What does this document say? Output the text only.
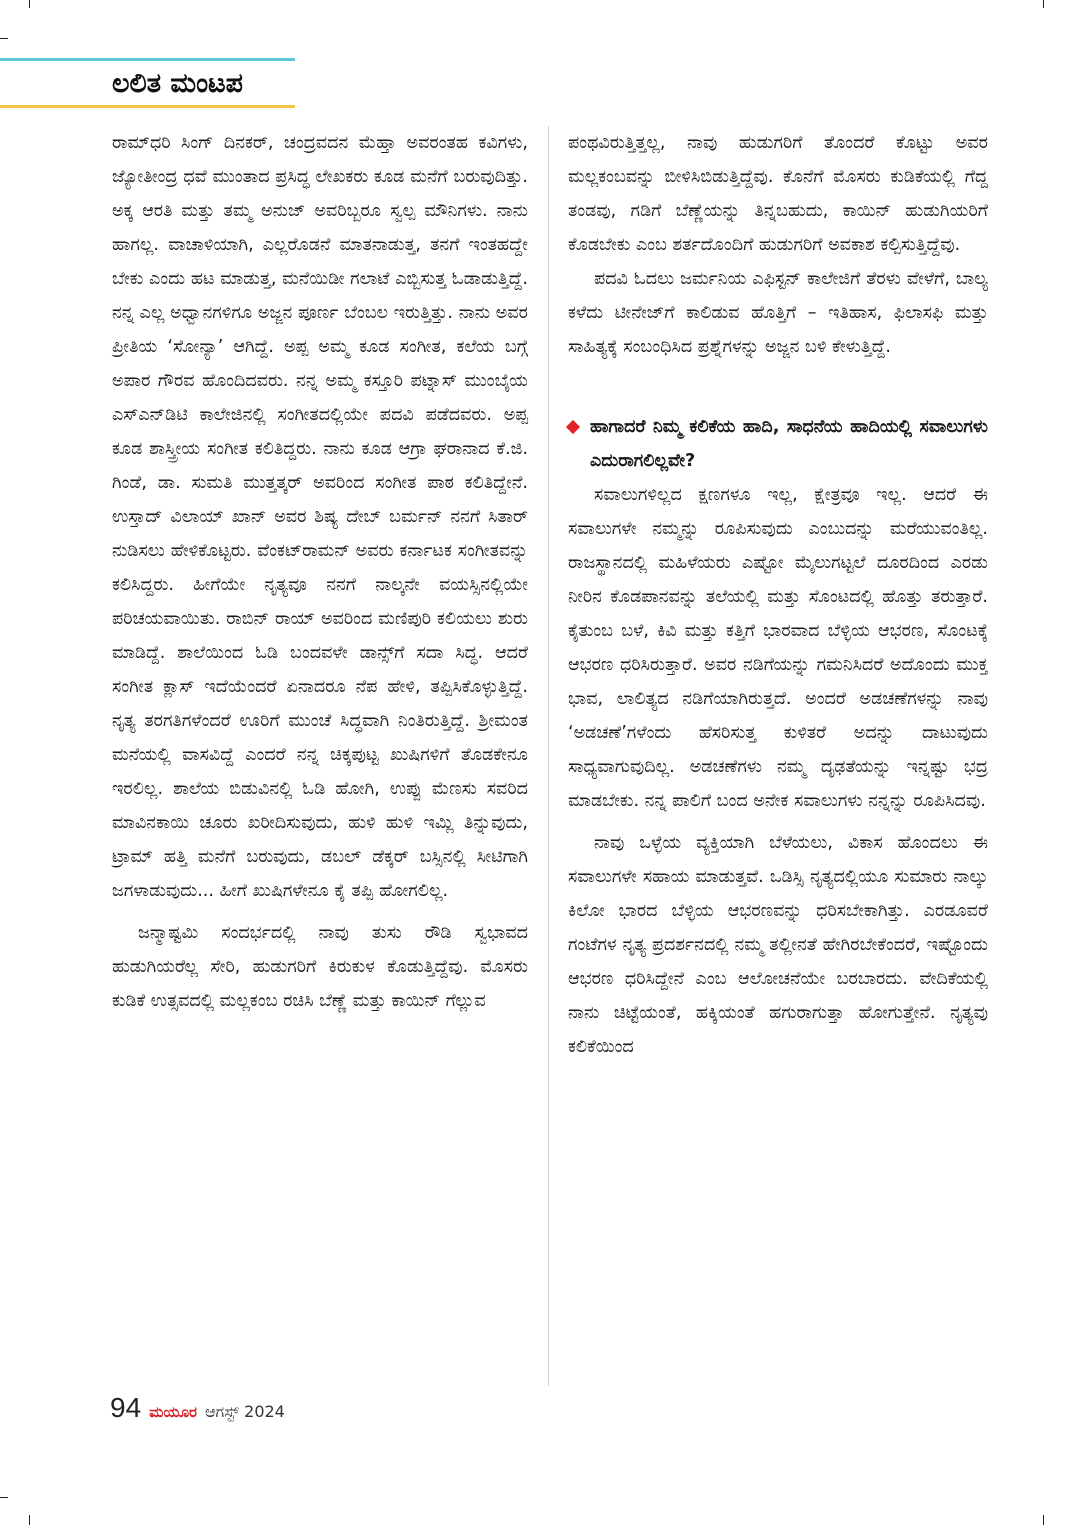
ಲಲಿತ ಮಂಟಪ

ರಾಮ್‌ಧರಿ ಸಿಂಗ್ ದಿನಕರ್, ಚಂದ್ರವದನ ಮೆಹ್ತಾ ಅವರಂತಹ ಕವಿಗಳು, ಜ್ಯೋತೀಂದ್ರ ಧವೆ ಮುಂತಾದ ಪ್ರಸಿದ್ಧ ಲೇಖಕರು ಕೂಡ ಮನೆಗೆ ಬರುವುದಿತ್ತು. ಅಕ್ಕ ಆರತಿ ಮತ್ತು ತಮ್ಮ ಅನುಜ್ ಅವರಿಬ್ಬರೂ ಸ್ವಲ್ಪ ಮೌನಿಗಳು. ನಾನು ಹಾಗಲ್ಲ. ವಾಚಾಳಿಯಾಗಿ, ಎಲ್ಲರೊಡನೆ ಮಾತನಾಡುತ್ತ, ತನಗೆ ಇಂತಹದ್ದೇ ಬೇಕು ಎಂದು ಹಟ ಮಾಡುತ್ತ, ಮನೆಯಿಡೀ ಗಲಾಟೆ ಎಬ್ಬಿಸುತ್ತ ಓಡಾಡುತ್ತಿದ್ದೆ. ನನ್ನ ಎಲ್ಲ ಅಧ್ವಾನಗಳಿಗೂ ಅಜ್ಜನ ಪೂರ್ಣ ಬೆಂಬಲ ಇರುತ್ತಿತ್ತು. ನಾನು ಅವರ ಪ್ರೀತಿಯ ‘ಸೋನ್ಯಾ’ ಆಗಿದ್ದೆ. ಅಪ್ಪ ಅಮ್ಮ ಕೂಡ ಸಂಗೀತ, ಕಲೆಯ ಬಗ್ಗೆ ಅಪಾರ ಗೌರವ ಹೊಂದಿದವರು. ನನ್ನ ಅಮ್ಮ ಕಸ್ತೂರಿ ಪಟ್ನಾಸ್ ಮುಂಬೈಯ ಎಸ್‌ಎನ್‌ಡಿಟಿ ಕಾಲೇಜಿನಲ್ಲಿ ಸಂಗೀತದಲ್ಲಿಯೇ ಪದವಿ ಪಡೆದವರು. ಅಪ್ಪ ಕೂಡ ಶಾಸ್ತ್ರೀಯ ಸಂಗೀತ ಕಲಿತಿದ್ದರು. ನಾನು ಕೂಡ ಆಗ್ರಾ ಘರಾನಾದ ಕೆ.ಜಿ. ಗಿಂಡೆ, ಡಾ. ಸುಮತಿ ಮುತ್ತತ್ಕರ್ ಅವರಿಂದ ಸಂಗೀತ ಪಾಠ ಕಲಿತಿದ್ದೇನೆ. ಉಸ್ತಾದ್ ವಿಲಾಯ್ ಖಾನ್ ಅವರ ಶಿಷ್ಯ ದೇಬ್ ಬರ್ಮನ್ ನನಗೆ ಸಿತಾರ್ ನುಡಿಸಲು ಹೇಳಿಕೊಟ್ಟರು. ವೆಂಕಟ್‌ರಾಮನ್ ಅವರು ಕರ್ನಾಟಕ ಸಂಗೀತವನ್ನು ಕಲಿಸಿದ್ದರು. ಹೀಗೆಯೇ ನೃತ್ಯವೂ ನನಗೆ ನಾಲ್ಕನೇ ವಯಸ್ಸಿನಲ್ಲಿಯೇ ಪರಿಚಯವಾಯಿತು. ರಾಬಿನ್ ರಾಯ್ ಅವರಿಂದ ಮಣಿಪುರಿ ಕಲಿಯಲು ಶುರು ಮಾಡಿದ್ದೆ. ಶಾಲೆಯಿಂದ ಓಡಿ ಬಂದವಳೇ ಡಾನ್ಸ್‌ಗೆ ಸದಾ ಸಿದ್ಧ. ಆದರೆ ಸಂಗೀತ ಕ್ಲಾಸ್ ಇದೆಯೆಂದರೆ ಏನಾದರೂ ನೆಪ ಹೇಳಿ, ತಪ್ಪಿಸಿಕೊಳ್ಳುತ್ತಿದ್ದೆ. ನೃತ್ಯ ತರಗತಿಗಳೆಂದರೆ ಊರಿಗೆ ಮುಂಚೆ ಸಿದ್ಧವಾಗಿ ನಿಂತಿರುತ್ತಿದ್ದೆ. ಶ್ರೀಮಂತ ಮನೆಯಲ್ಲಿ ವಾಸವಿದ್ದೆ ಎಂದರೆ ನನ್ನ ಚಿಕ್ಕಪುಟ್ಟ ಖುಷಿಗಳಿಗೆ ತೊಡಕೇನೂ ಇರಲಿಲ್ಲ. ಶಾಲೆಯ ಬಿಡುವಿನಲ್ಲಿ ಓಡಿ ಹೋಗಿ, ಉಪ್ಪು ಮೆಣಸು ಸವರಿದ ಮಾವಿನಕಾಯಿ ಚೂರು ಖರೀದಿಸುವುದು, ಹುಳಿ ಹುಳಿ ಇಮ್ಲಿ ತಿನ್ನುವುದು, ಟ್ರಾಮ್ ಹತ್ತಿ ಮನೆಗೆ ಬರುವುದು, ಡಬಲ್ ಡೆಕ್ಕರ್ ಬಸ್ಸಿನಲ್ಲಿ ಸೀಟಿಗಾಗಿ ಜಗಳಾಡುವುದು... ಹೀಗೆ ಖುಷಿಗಳೇನೂ ಕೈ ತಪ್ಪಿ ಹೋಗಲಿಲ್ಲ.

ಜನ್ಮಾಷ್ಟಮಿ ಸಂದರ್ಭದಲ್ಲಿ ನಾವು ತುಸು ರೌಡಿ ಸ್ವಭಾವದ ಹುಡುಗಿಯರೆಲ್ಲ ಸೇರಿ, ಹುಡುಗರಿಗೆ ಕಿರುಕುಳ ಕೊಡುತ್ತಿದ್ದೆವು. ಮೊಸರು ಕುಡಿಕೆ ಉತ್ಸವದಲ್ಲಿ ಮಲ್ಲಕಂಬ ರಚಿಸಿ ಬೆಣ್ಣೆ ಮತ್ತು ಕಾಯಿನ್ ಗೆಲ್ಲುವ

ಪಂಥವಿರುತ್ತಿತ್ತಲ್ಲ, ನಾವು ಹುಡುಗರಿಗೆ ತೊಂದರೆ ಕೊಟ್ಟು ಅವರ ಮಲ್ಲಕಂಬವನ್ನು ಬೀಳಿಸಿಬಿಡುತ್ತಿದ್ದೆವು. ಕೊನೆಗೆ ಮೊಸರು ಕುಡಿಕೆಯಲ್ಲಿ ಗೆದ್ದ ತಂಡವು, ಗಡಿಗೆ ಬೆಣ್ಣೆಯನ್ನು ತಿನ್ನಬಹುದು, ಕಾಯಿನ್ ಹುಡುಗಿಯರಿಗೆ ಕೊಡಬೇಕು ಎಂಬ ಶರ್ತದೊಂದಿಗೆ ಹುಡುಗರಿಗೆ ಅವಕಾಶ ಕಲ್ಪಿಸುತ್ತಿದ್ದೆವು.

ಪದವಿ ಓದಲು ಜರ್ಮನಿಯ ಎಫಿಸ್ಟನ್ ಕಾಲೇಜಿಗೆ ತೆರಳು ವೇಳೆಗೆ, ಬಾಲ್ಯ ಕಳೆದು ಟೀನೇಜ್‌ಗೆ ಕಾಲಿಡುವ ಹೊತ್ತಿಗೆ – ಇತಿಹಾಸ, ಫಿಲಾಸಫಿ ಮತ್ತು ಸಾಹಿತ್ಯಕ್ಕೆ ಸಂಬಂಧಿಸಿದ ಪ್ರಶ್ನೆಗಳನ್ನು ಅಜ್ಜನ ಬಳಿ ಕೇಳುತ್ತಿದ್ದೆ.

ಹಾಗಾದರೆ ನಿಮ್ಮ ಕಲಿಕೆಯ ಹಾದಿ, ಸಾಧನೆಯ ಹಾದಿಯಲ್ಲಿ ಸವಾಲುಗಳು ಎದುರಾಗಲಿಲ್ಲವೇ?

ಸವಾಲುಗಳಿಲ್ಲದ ಕ್ಷಣಗಳೂ ಇಲ್ಲ, ಕ್ಷೇತ್ರವೂ ಇಲ್ಲ. ಆದರೆ ಈ ಸವಾಲುಗಳೇ ನಮ್ಮನ್ನು ರೂಪಿಸುವುದು ಎಂಬುದನ್ನು ಮರೆಯುವಂತಿಲ್ಲ. ರಾಜಸ್ಥಾನದಲ್ಲಿ ಮಹಿಳೆಯರು ಎಷ್ಟೋ ಮೈಲುಗಟ್ಟಲೆ ದೂರದಿಂದ ಎರಡು ನೀರಿನ ಕೊಡಪಾನವನ್ನು ತಲೆಯಲ್ಲಿ ಮತ್ತು ಸೊಂಟದಲ್ಲಿ ಹೊತ್ತು ತರುತ್ತಾರೆ. ಕೈತುಂಬ ಬಳೆ, ಕಿವಿ ಮತ್ತು ಕತ್ತಿಗೆ ಭಾರವಾದ ಬೆಳ್ಳಿಯ ಆಭರಣ, ಸೊಂಟಕ್ಕೆ ಆಭರಣ ಧರಿಸಿರುತ್ತಾರೆ. ಅವರ ನಡಿಗೆಯನ್ನು ಗಮನಿಸಿದರೆ ಅದೊಂದು ಮುಕ್ತ ಭಾವ, ಲಾಲಿತ್ಯದ ನಡಿಗೆಯಾಗಿರುತ್ತದೆ. ಅಂದರೆ ಅಡಚಣೆಗಳನ್ನು ನಾವು ‘ಅಡಚಣೆ’ಗಳೆಂದು ಹೆಸರಿಸುತ್ತ ಕುಳಿತರೆ ಅದನ್ನು ದಾಟುವುದು ಸಾಧ್ಯವಾಗುವುದಿಲ್ಲ. ಅಡಚಣೆಗಳು ನಮ್ಮ ದೃಢತೆಯನ್ನು ಇನ್ನಷ್ಟು ಭದ್ರ ಮಾಡಬೇಕು. ನನ್ನ ಪಾಲಿಗೆ ಬಂದ ಅನೇಕ ಸವಾಲುಗಳು ನನ್ನನ್ನು ರೂಪಿಸಿದವು.

ನಾವು ಒಳ್ಳೆಯ ವ್ಯಕ್ತಿಯಾಗಿ ಬೆಳೆಯಲು, ವಿಕಾಸ ಹೊಂದಲು ಈ ಸವಾಲುಗಳೇ ಸಹಾಯ ಮಾಡುತ್ತವೆ. ಒಡಿಸ್ಸಿ ನೃತ್ಯದಲ್ಲಿಯೂ ಸುಮಾರು ನಾಲ್ಕು ಕಿಲೋ ಭಾರದ ಬೆಳ್ಳಿಯ ಆಭರಣವನ್ನು ಧರಿಸಬೇಕಾಗಿತ್ತು. ಎರಡೂವರೆ ಗಂಟೆಗಳ ನೃತ್ಯ ಪ್ರದರ್ಶನದಲ್ಲಿ ನಮ್ಮ ತಲ್ಲೀನತೆ ಹೇಗಿರಬೇಕೆಂದರೆ, ಇಷ್ಟೊಂದು ಆಭರಣ ಧರಿಸಿದ್ದೇನೆ ಎಂಬ ಆಲೋಚನೆಯೇ ಬರಬಾರದು. ವೇದಿಕೆಯಲ್ಲಿ ನಾನು ಚಿಟ್ಟೆಯಂತೆ, ಹಕ್ಕಿಯಂತೆ ಹಗುರಾಗುತ್ತಾ ಹೋಗುತ್ತೇನೆ. ನೃತ್ಯವು ಕಲಿಕೆಯಿಂದ

94 ಮಯೂರ ಆಗಸ್ಟ್ 2024
